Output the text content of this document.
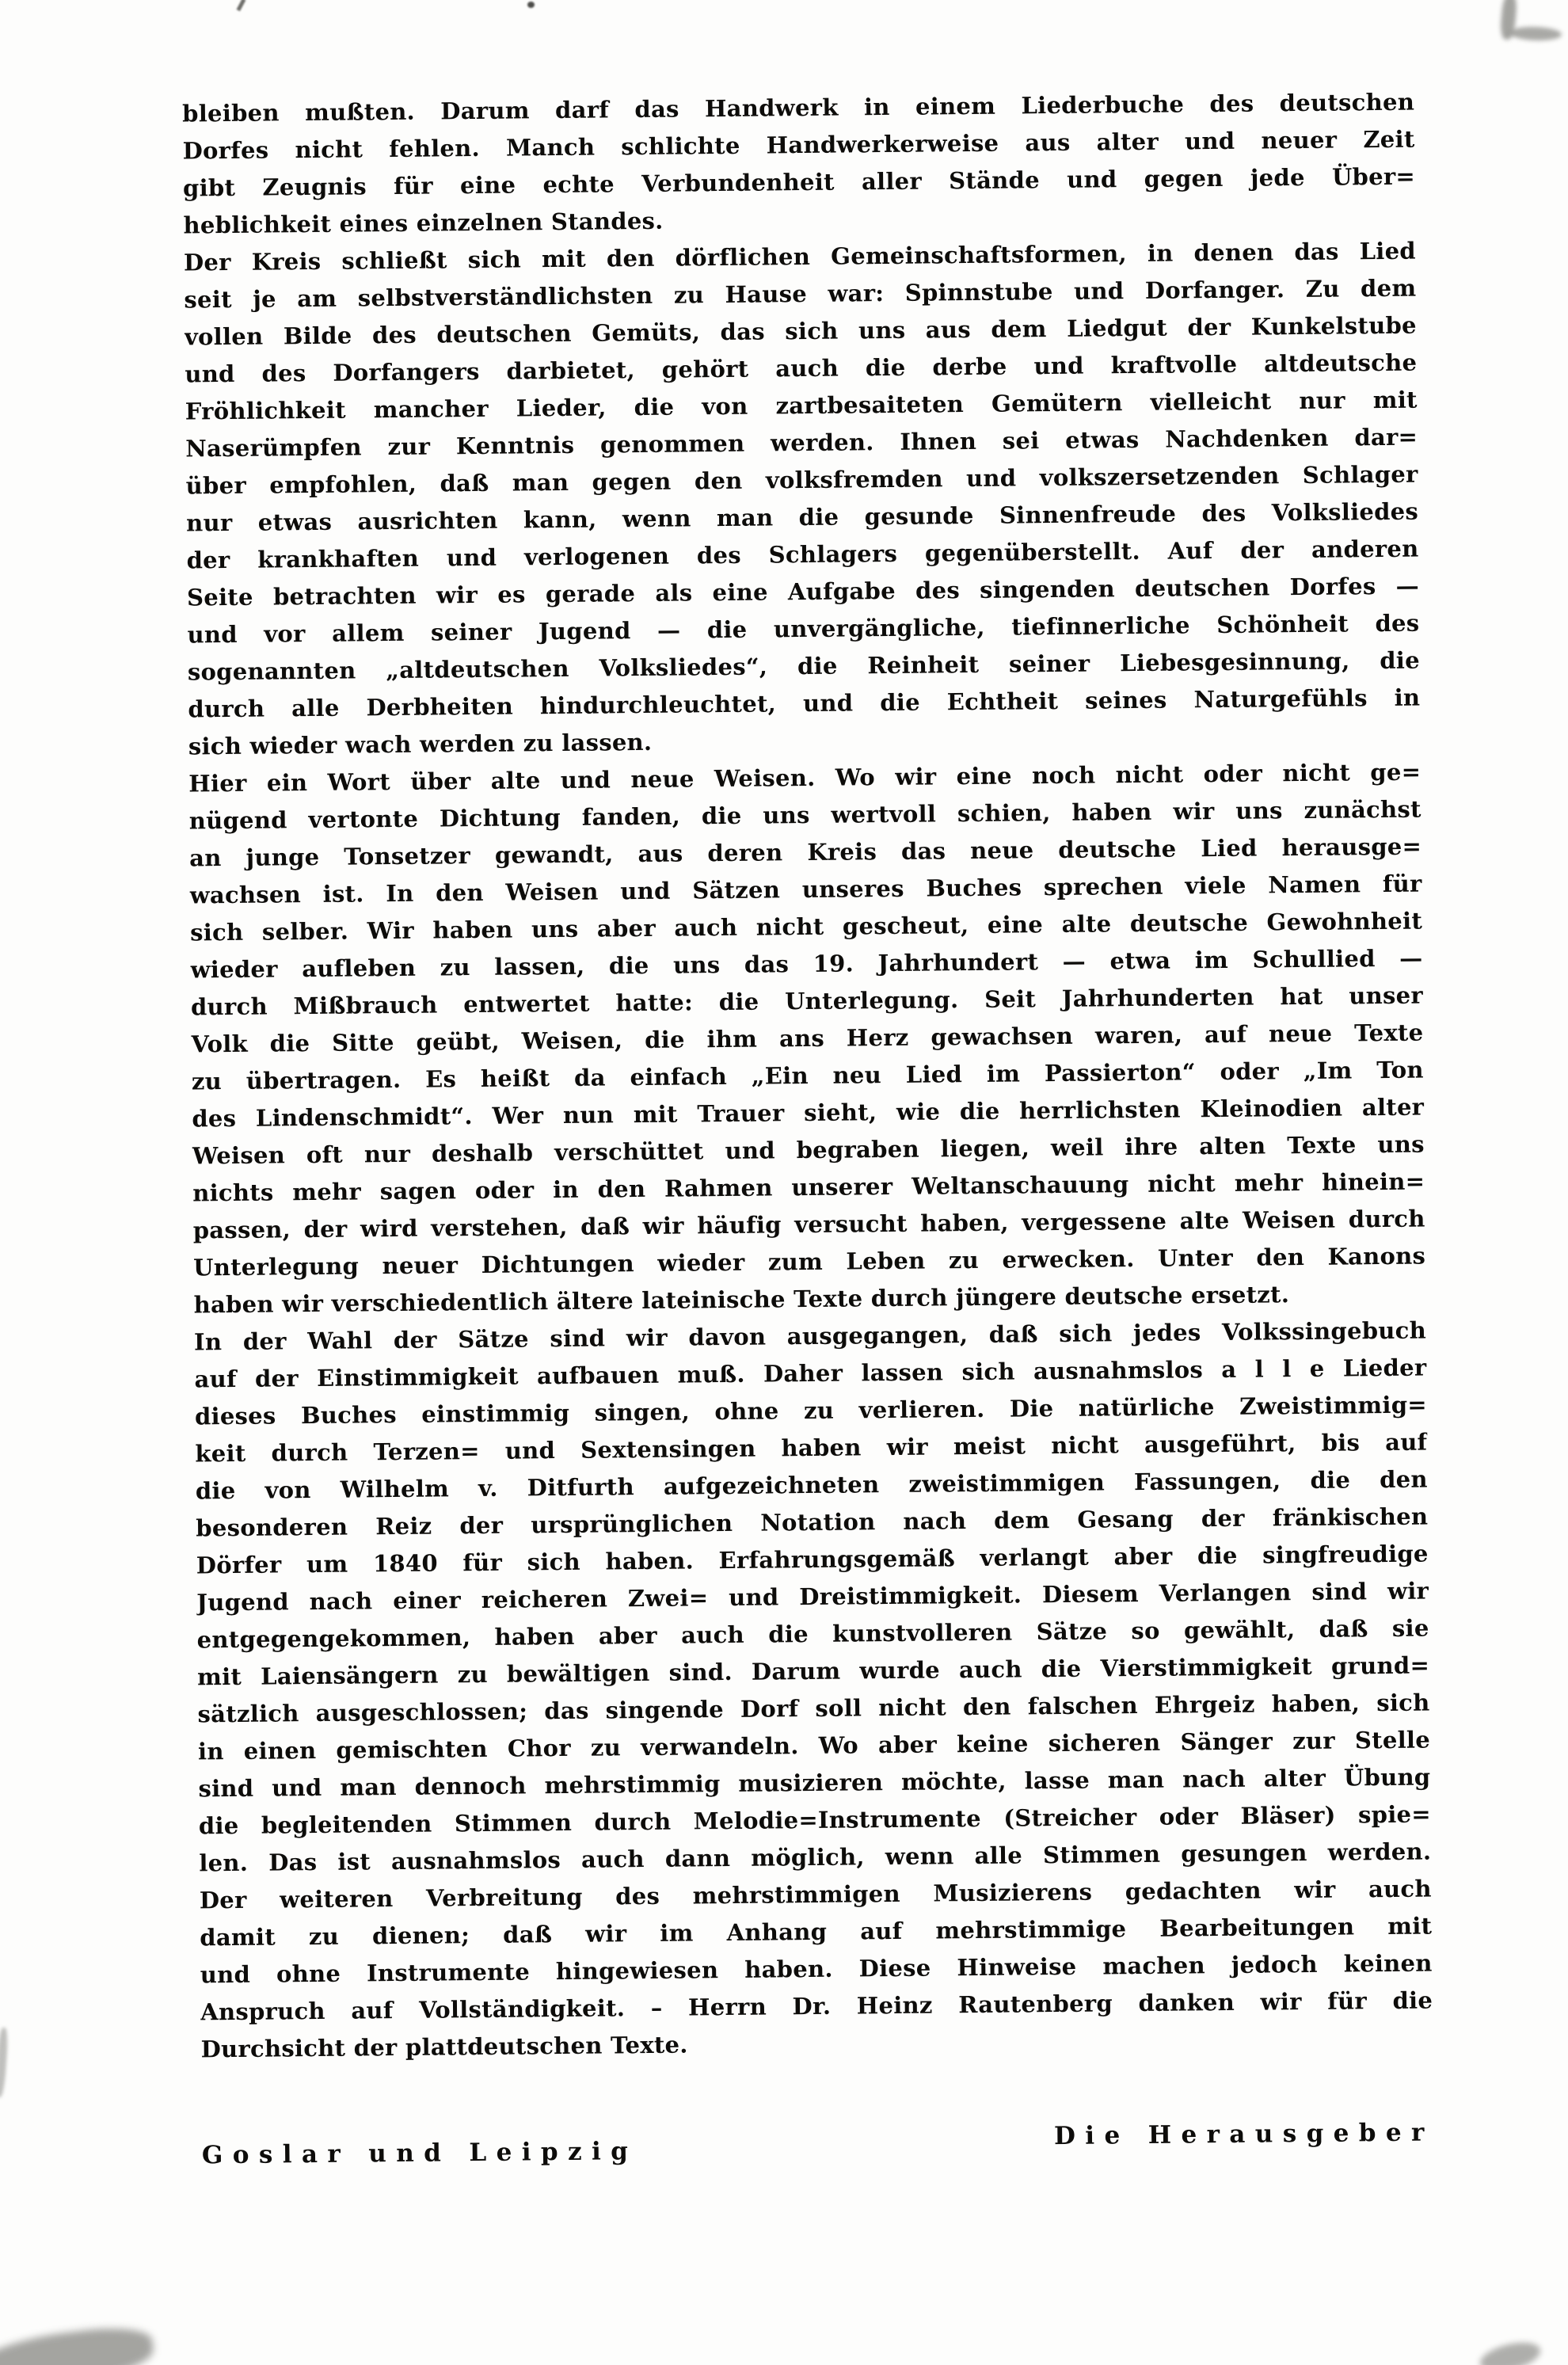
bleiben mußten. Darum darf das Handwerk in einem Liederbuche des deutschen
Dorfes nicht fehlen. Manch schlichte Handwerkerweise aus alter und neuer Zeit
gibt Zeugnis für eine echte Verbundenheit aller Stände und gegen jede Über=
heblichkeit eines einzelnen Standes.
Der Kreis schließt sich mit den dörflichen Gemeinschaftsformen, in denen das Lied
seit je am selbstverständlichsten zu Hause war: Spinnstube und Dorfanger. Zu dem
vollen Bilde des deutschen Gemüts, das sich uns aus dem Liedgut der Kunkelstube
und des Dorfangers darbietet, gehört auch die derbe und kraftvolle altdeutsche
Fröhlichkeit mancher Lieder, die von zartbesaiteten Gemütern vielleicht nur mit
Naserümpfen zur Kenntnis genommen werden. Ihnen sei etwas Nachdenken dar=
über empfohlen, daß man gegen den volksfremden und volkszersetzenden Schlager
nur etwas ausrichten kann, wenn man die gesunde Sinnenfreude des Volksliedes
der krankhaften und verlogenen des Schlagers gegenüberstellt. Auf der anderen
Seite betrachten wir es gerade als eine Aufgabe des singenden deutschen Dorfes —
und vor allem seiner Jugend — die unvergängliche, tiefinnerliche Schönheit des
sogenannten „altdeutschen Volksliedes“, die Reinheit seiner Liebesgesinnung, die
durch alle Derbheiten hindurchleuchtet, und die Echtheit seines Naturgefühls in
sich wieder wach werden zu lassen.
Hier ein Wort über alte und neue Weisen. Wo wir eine noch nicht oder nicht ge=
nügend vertonte Dichtung fanden, die uns wertvoll schien, haben wir uns zunächst
an junge Tonsetzer gewandt, aus deren Kreis das neue deutsche Lied herausge=
wachsen ist. In den Weisen und Sätzen unseres Buches sprechen viele Namen für
sich selber. Wir haben uns aber auch nicht gescheut, eine alte deutsche Gewohnheit
wieder aufleben zu lassen, die uns das 19. Jahrhundert — etwa im Schullied —
durch Mißbrauch entwertet hatte: die Unterlegung. Seit Jahrhunderten hat unser
Volk die Sitte geübt, Weisen, die ihm ans Herz gewachsen waren, auf neue Texte
zu übertragen. Es heißt da einfach „Ein neu Lied im Passierton“ oder „Im Ton
des Lindenschmidt“. Wer nun mit Trauer sieht, wie die herrlichsten Kleinodien alter
Weisen oft nur deshalb verschüttet und begraben liegen, weil ihre alten Texte uns
nichts mehr sagen oder in den Rahmen unserer Weltanschauung nicht mehr hinein=
passen, der wird verstehen, daß wir häufig versucht haben, vergessene alte Weisen durch
Unterlegung neuer Dichtungen wieder zum Leben zu erwecken. Unter den Kanons
haben wir verschiedentlich ältere lateinische Texte durch jüngere deutsche ersetzt.
In der Wahl der Sätze sind wir davon ausgegangen, daß sich jedes Volkssingebuch
auf der Einstimmigkeit aufbauen muß. Daher lassen sich ausnahmslos a l l e Lieder
dieses Buches einstimmig singen, ohne zu verlieren. Die natürliche Zweistimmig=
keit durch Terzen= und Sextensingen haben wir meist nicht ausgeführt, bis auf
die von Wilhelm v. Ditfurth aufgezeichneten zweistimmigen Fassungen, die den
besonderen Reiz der ursprünglichen Notation nach dem Gesang der fränkischen
Dörfer um 1840 für sich haben. Erfahrungsgemäß verlangt aber die singfreudige
Jugend nach einer reicheren Zwei= und Dreistimmigkeit. Diesem Verlangen sind wir
entgegengekommen, haben aber auch die kunstvolleren Sätze so gewählt, daß sie
mit Laiensängern zu bewältigen sind. Darum wurde auch die Vierstimmigkeit grund=
sätzlich ausgeschlossen; das singende Dorf soll nicht den falschen Ehrgeiz haben, sich
in einen gemischten Chor zu verwandeln. Wo aber keine sicheren Sänger zur Stelle
sind und man dennoch mehrstimmig musizieren möchte, lasse man nach alter Übung
die begleitenden Stimmen durch Melodie=Instrumente (Streicher oder Bläser) spie=
len. Das ist ausnahmslos auch dann möglich, wenn alle Stimmen gesungen werden.
Der weiteren Verbreitung des mehrstimmigen Musizierens gedachten wir auch
damit zu dienen; daß wir im Anhang auf mehrstimmige Bearbeitungen mit
und ohne Instrumente hingewiesen haben. Diese Hinweise machen jedoch keinen
Anspruch auf Vollständigkeit. – Herrn Dr. Heinz Rautenberg danken wir für die
Durchsicht der plattdeutschen Texte.
Goslar und Leipzig
Die Herausgeber
